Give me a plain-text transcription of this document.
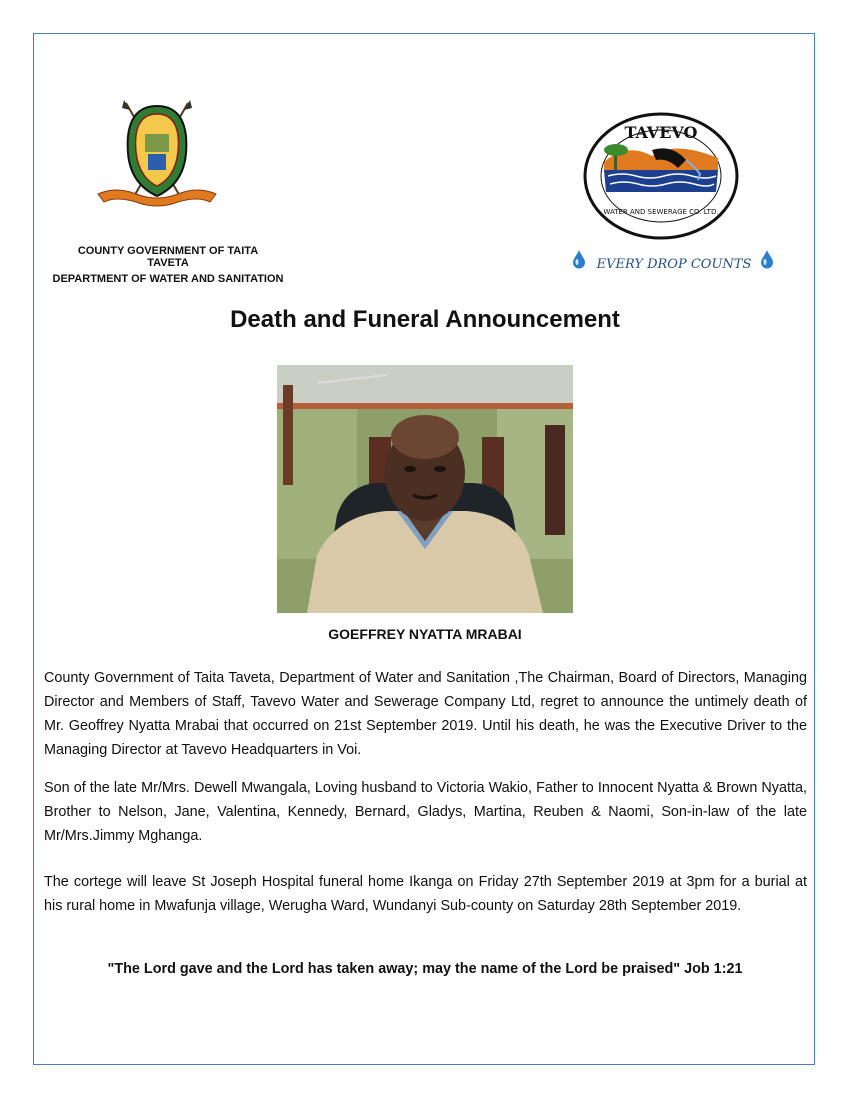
COUNTY GOVERNMENT OF TAITA TAVETA
DEPARTMENT OF WATER AND SANITATION
TAVEVO
WATER AND SEWERAGE CO. LTD.
EVERY DROP COUNTS
Death and Funeral Announcement
GOEFFREY NYATTA MRABAI

County Government of Taita Taveta, Department of Water and Sanitation ,The Chairman, Board of Directors, Managing Director and Members of Staff, Tavevo Water and Sewerage Company Ltd, regret to announce the untimely death of Mr. Geoffrey Nyatta Mrabai that occurred on 21st September 2019. Until his death, he was the Executive Driver to the Managing Director at Tavevo Headquarters in Voi.

Son of the late Mr/Mrs. Dewell Mwangala, Loving husband to Victoria Wakio, Father to Innocent Nyatta & Brown Nyatta, Brother to Nelson, Jane, Valentina, Kennedy, Bernard, Gladys, Martina, Reuben & Naomi, Son-in-law of the late Mr/Mrs.Jimmy Mghanga.

The cortege will leave St Joseph Hospital funeral home Ikanga on Friday 27th September 2019 at 3pm for a burial at his rural home in Mwafunja village, Werugha Ward, Wundanyi Sub-county on Saturday 28th September 2019.

"The Lord gave and the Lord has taken away; may the name of the Lord be praised" Job 1:21
